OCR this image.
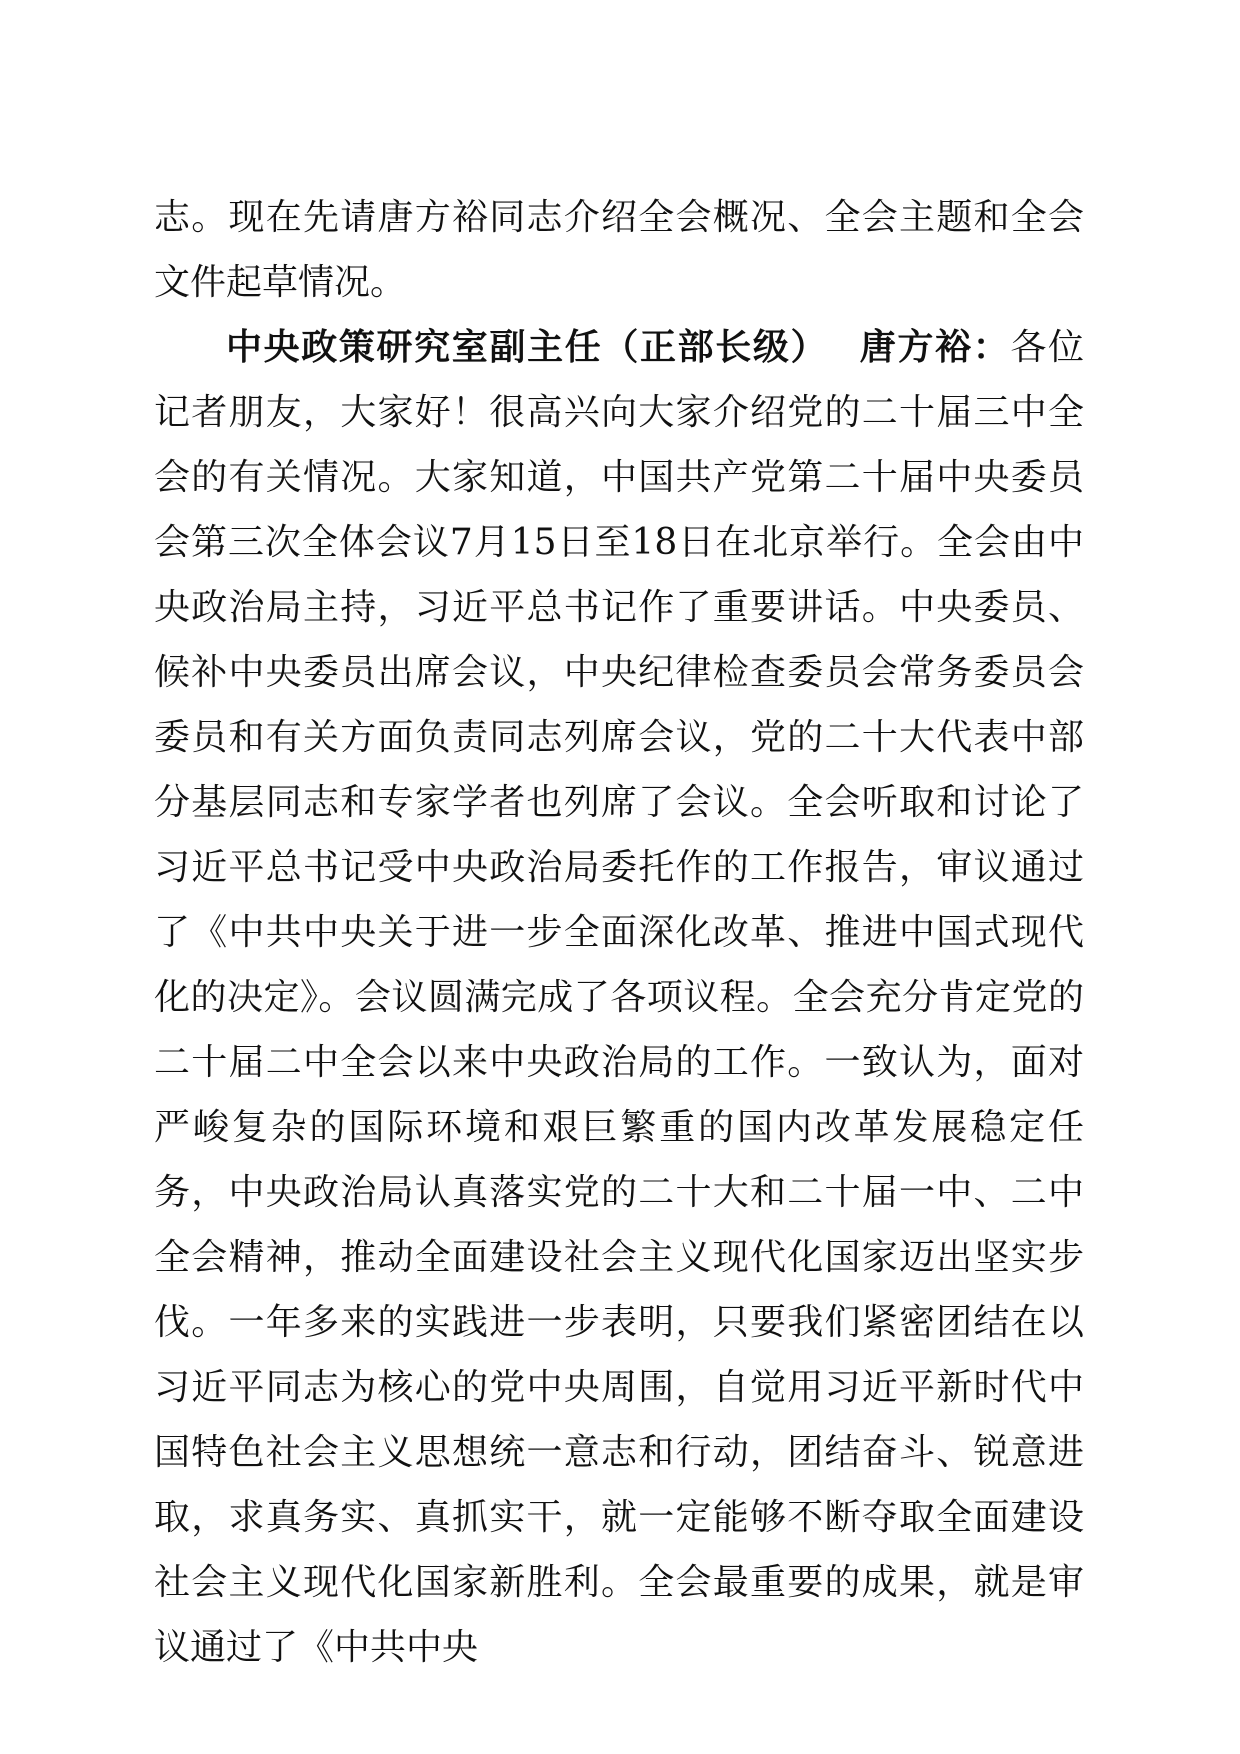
志。现在先请唐方裕同志介绍全会概况、全会主题和全会文件起草情况。

中央政策研究室副主任（正部长级） 唐方裕：各位记者朋友，大家好！很高兴向大家介绍党的二十届三中全会的有关情况。大家知道，中国共产党第二十届中央委员会第三次全体会议7月15日至18日在北京举行。全会由中央政治局主持，习近平总书记作了重要讲话。中央委员、候补中央委员出席会议，中央纪律检查委员会常务委员会委员和有关方面负责同志列席会议，党的二十大代表中部分基层同志和专家学者也列席了会议。全会听取和讨论了习近平总书记受中央政治局委托作的工作报告，审议通过了《中共中央关于进一步全面深化改革、推进中国式现代化的决定》。会议圆满完成了各项议程。全会充分肯定党的二十届二中全会以来中央政治局的工作。一致认为，面对严峻复杂的国际环境和艰巨繁重的国内改革发展稳定任务，中央政治局认真落实党的二十大和二十届一中、二中全会精神，推动全面建设社会主义现代化国家迈出坚实步伐。一年多来的实践进一步表明，只要我们紧密团结在以习近平同志为核心的党中央周围，自觉用习近平新时代中国特色社会主义思想统一意志和行动，团结奋斗、锐意进取，求真务实、真抓实干，就一定能够不断夺取全面建设社会主义现代化国家新胜利。全会最重要的成果，就是审议通过了《中共中央
